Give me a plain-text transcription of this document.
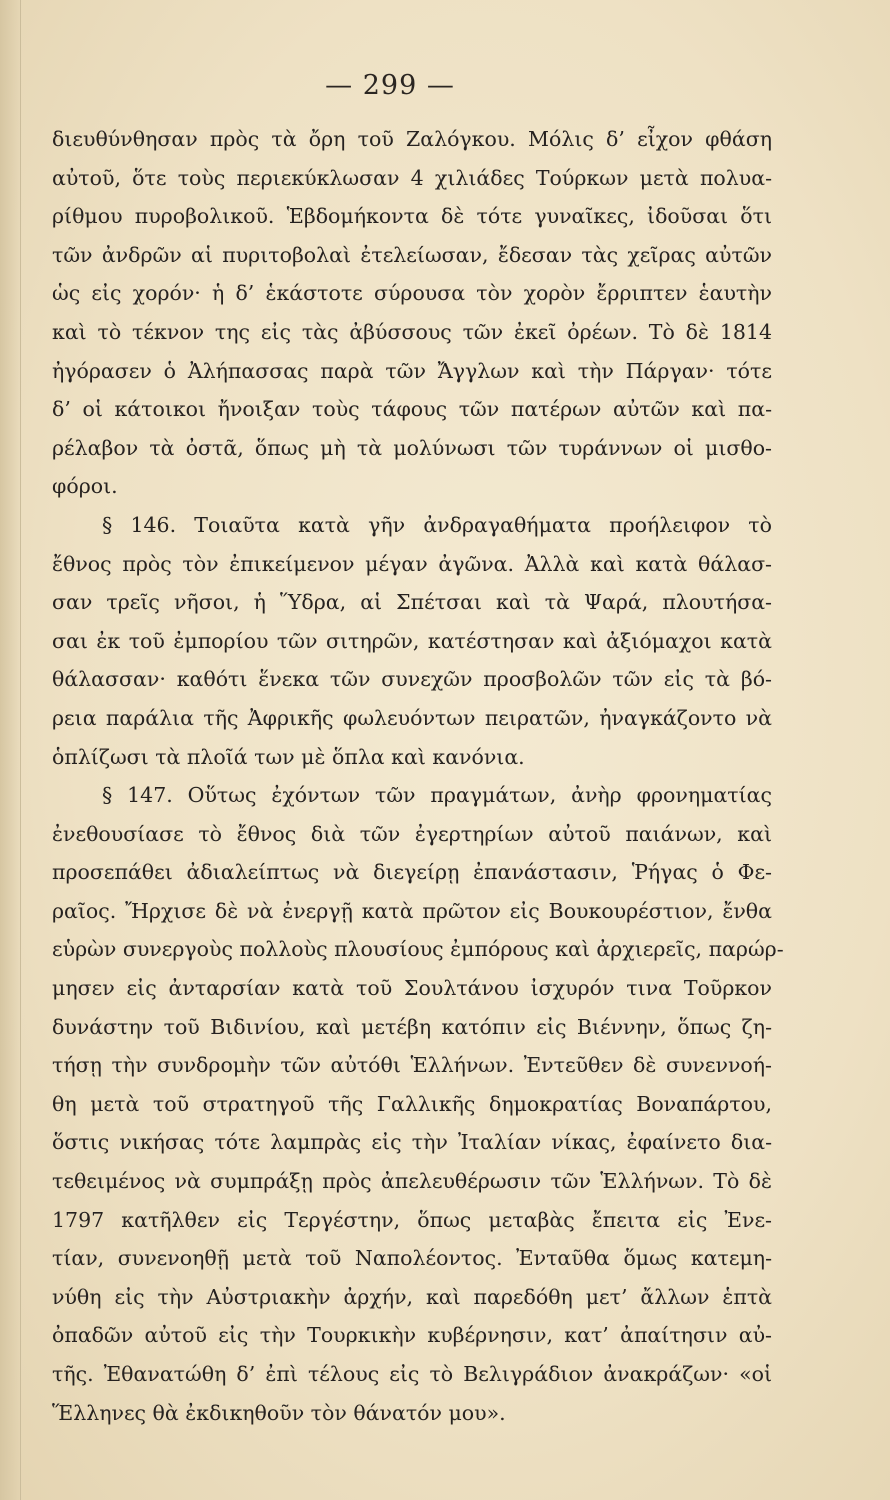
— 299 —
διευθύνθησαν πρὸς τὰ ὄρη τοῦ Ζαλόγκου. Μόλις δ’ εἶχον φθάση
αὐτοῦ, ὅτε τοὺς περιεκύκλωσαν 4 χιλιάδες Τούρκων μετὰ πολυα-
ρίθμου πυροβολικοῦ. Ἑβδομήκοντα δὲ τότε γυναῖκες, ἰδοῦσαι ὅτι
τῶν ἀνδρῶν αἱ πυριτοβολαὶ ἐτελείωσαν, ἔδεσαν τὰς χεῖρας αὐτῶν
ὡς εἰς χορόν· ἡ δ’ ἑκάστοτε σύρουσα τὸν χορὸν ἔρριπτεν ἑαυτὴν
καὶ τὸ τέκνον της εἰς τὰς ἀβύσσους τῶν ἐκεῖ ὀρέων. Τὸ δὲ 1814
ἠγόρασεν ὁ Ἀλήπασσας παρὰ τῶν Ἄγγλων καὶ τὴν Πάργαν· τότε
δ’ οἱ κάτοικοι ἤνοιξαν τοὺς τάφους τῶν πατέρων αὐτῶν καὶ πα-
ρέλαβον τὰ ὀστᾶ, ὅπως μὴ τὰ μολύνωσι τῶν τυράννων οἱ μισθο-
φόροι.
§ 146. Τοιαῦτα κατὰ γῆν ἀνδραγαθήματα προήλειφον τὸ
ἔθνος πρὸς τὸν ἐπικείμενον μέγαν ἀγῶνα. Ἀλλὰ καὶ κατὰ θάλασ-
σαν τρεῖς νῆσοι, ἡ Ὕδρα, αἱ Σπέτσαι καὶ τὰ Ψαρά, πλουτήσα-
σαι ἐκ τοῦ ἐμπορίου τῶν σιτηρῶν, κατέστησαν καὶ ἀξιόμαχοι κατὰ
θάλασσαν· καθότι ἕνεκα τῶν συνεχῶν προσβολῶν τῶν εἰς τὰ βό-
ρεια παράλια τῆς Ἀφρικῆς φωλευόντων πειρατῶν, ἠναγκάζοντο νὰ
ὁπλίζωσι τὰ πλοῖά των μὲ ὅπλα καὶ κανόνια.
§ 147. Οὕτως ἐχόντων τῶν πραγμάτων, ἀνὴρ φρονηματίας
ἐνεθουσίασε τὸ ἔθνος διὰ τῶν ἐγερτηρίων αὐτοῦ παιάνων, καὶ
προσεπάθει ἀδιαλείπτως νὰ διεγείρῃ ἐπανάστασιν, Ῥήγας ὁ Φε-
ραῖος. Ἤρχισε δὲ νὰ ἐνεργῇ κατὰ πρῶτον εἰς Βουκουρέστιον, ἔνθα
εὑρὼν συνεργοὺς πολλοὺς πλουσίους ἐμπόρους καὶ ἀρχιερεῖς, παρώρ-
μησεν εἰς ἀνταρσίαν κατὰ τοῦ Σουλτάνου ἰσχυρόν τινα Τοῦρκον
δυνάστην τοῦ Βιδινίου, καὶ μετέβη κατόπιν εἰς Βιέννην, ὅπως ζη-
τήσῃ τὴν συνδρομὴν τῶν αὐτόθι Ἑλλήνων. Ἐντεῦθεν δὲ συνεννοή-
θη μετὰ τοῦ στρατηγοῦ τῆς Γαλλικῆς δημοκρατίας Βοναπάρτου,
ὅστις νικήσας τότε λαμπρὰς εἰς τὴν Ἰταλίαν νίκας, ἐφαίνετο δια-
τεθειμένος νὰ συμπράξῃ πρὸς ἀπελευθέρωσιν τῶν Ἑλλήνων. Τὸ δὲ
1797 κατῆλθεν εἰς Τεργέστην, ὅπως μεταβὰς ἔπειτα εἰς Ἐνε-
τίαν, συνενοηθῇ μετὰ τοῦ Ναπολέοντος. Ἐνταῦθα ὅμως κατεμη-
νύθη εἰς τὴν Αὐστριακὴν ἀρχήν, καὶ παρεδόθη μετ’ ἄλλων ἑπτὰ
ὀπαδῶν αὐτοῦ εἰς τὴν Τουρκικὴν κυβέρνησιν, κατ’ ἀπαίτησιν αὐ-
τῆς. Ἐθανατώθη δ’ ἐπὶ τέλους εἰς τὸ Βελιγράδιον ἀνακράζων· «οἱ
Ἕλληνες θὰ ἐκδικηθοῦν τὸν θάνατόν μου».
